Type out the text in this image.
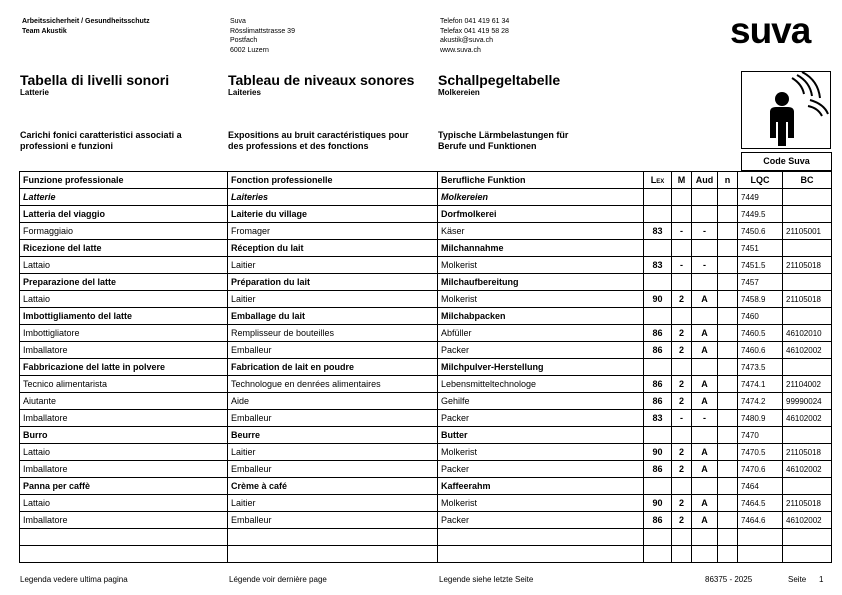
Arbeitssicherheit / Gesundheitsschutz
Team Akustik
Suva
Rösslimattstrasse 39
Postfach
6002 Luzern
Telefon 041 419 61 34
Telefax 041 419 58 28
akustik@suva.ch
www.suva.ch	suva
Tabella di livelli sonori
Latterie
Tableau de niveaux sonores
Laiteries
Schallpegeltabelle
Molkereien
Carichi fonici caratteristici associati a
professioni e funzioni
Expositions au bruit caractéristiques pour
des professions et des fonctions
Typische Lärmbelastungen für
Berufe und Funktionen
Code Suva
Funzione professionale	Fonction professionelle	Berufliche Funktion	LEX	M	Aud	n	LQC	BC
Latterie	Laiteries	Molkereien					7449	
Latteria del viaggio	Laiterie du village	Dorfmolkerei					7449.5	
Formaggiaio	Fromager	Käser	83	-	-		7450.6	21105001
Ricezione del latte	Réception du lait	Milchannahme					7451	
Lattaio	Laitier	Molkerist	83	-	-		7451.5	21105018
Preparazione del latte	Préparation du lait	Milchaufbereitung					7457	
Lattaio	Laitier	Molkerist	90	2	A		7458.9	21105018
Imbottigliamento del latte	Emballage du lait	Milchabpacken					7460	
Imbottigliatore	Remplisseur de bouteilles	Abfüller	86	2	A		7460.5	46102010
Imballatore	Emballeur	Packer	86	2	A		7460.6	46102002
Fabbricazione del latte in polvere	Fabrication de lait en poudre	Milchpulver-Herstellung					7473.5	
Tecnico alimentarista	Technologue en denrées alimentaires	Lebensmitteltechnologe	86	2	A		7474.1	21104002
Aiutante	Aide	Gehilfe	86	2	A		7474.2	99990024
Imballatore	Emballeur	Packer	83	-	-		7480.9	46102002
Burro	Beurre	Butter					7470	
Lattaio	Laitier	Molkerist	90	2	A		7470.5	21105018
Imballatore	Emballeur	Packer	86	2	A		7470.6	46102002
Panna per caffè	Crème à café	Kaffeerahm					7464	
Lattaio	Laitier	Molkerist	90	2	A		7464.5	21105018
Imballatore	Emballeur	Packer	86	2	A		7464.6	46102002

Legenda vedere ultima pagina	Légende voir dernière page	Legende siehe letzte Seite	86375 - 2025	Seite 1
